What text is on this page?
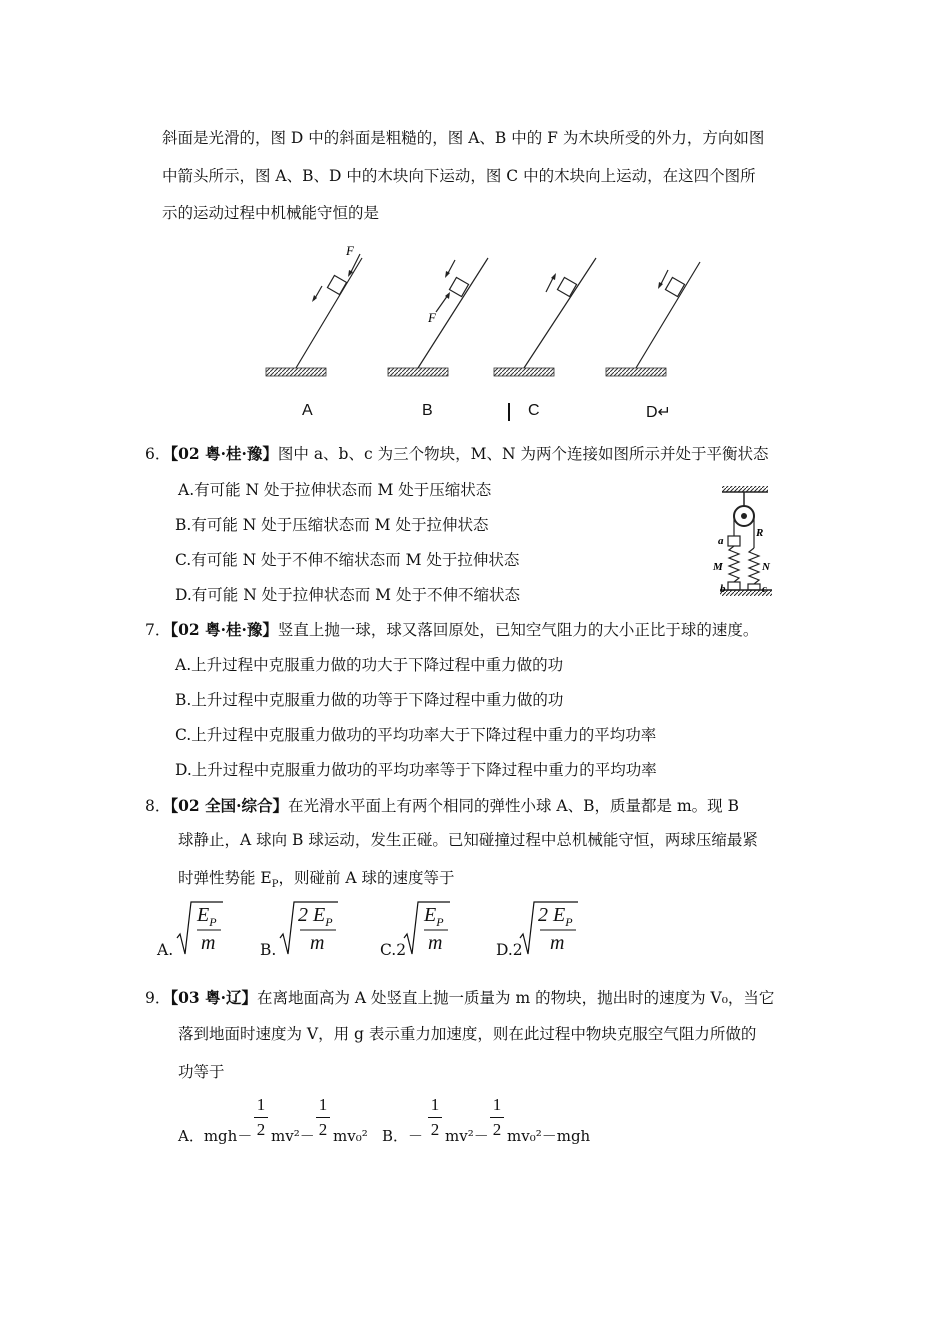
斜面是光滑的，图 D 中的斜面是粗糙的，图 A、B 中的 F 为木块所受的外力，方向如图
中箭头所示，图 A、B、D 中的木块向下运动，图 C 中的木块向上运动，在这四个图所
示的运动过程中机械能守恒的是
F
F
A	B	C	D↵
6．【02 粤·桂·豫】图中 a、b、c 为三个物块，M、N 为两个连接如图所示并处于平衡状态
A.有可能 N 处于拉伸状态而 M 处于压缩状态
B.有可能 N 处于压缩状态而 M 处于拉伸状态
C.有可能 N 处于不伸不缩状态而 M 处于拉伸状态
D.有可能 N 处于拉伸状态而 M 处于不伸不缩状态
a
R
M	N
b	c
7．【02 粤·桂·豫】竖直上抛一球，球又落回原处，已知空气阻力的大小正比于球的速度。
A.上升过程中克服重力做的功大于下降过程中重力做的功
B.上升过程中克服重力做的功等于下降过程中重力做的功
C.上升过程中克服重力做功的平均功率大于下降过程中重力的平均功率
D.上升过程中克服重力做功的平均功率等于下降过程中重力的平均功率
8．【02 全国·综合】在光滑水平面上有两个相同的弹性小球 A、B，质量都是 m。现 B
球静止，A 球向 B 球运动，发生正碰。已知碰撞过程中总机械能守恒，两球压缩最紧
时弹性势能 $E_P$，则碰前 A 球的速度等于
A.
$E_P$
m	B.
2 $E_P$
m	C.2
$E_P$
m	D.2
2 $E_P$
m
9．【03 粤·辽】在离地面高为 A 处竖直上抛一质量为 m 的物块，抛出时的速度为 V₀，当它
落到地面时速度为 V，用 g 表示重力加速度，则在此过程中物块克服空气阻力所做的
功等于
A．mgh－
1
2 mv²－
1
2 mv₀² B．－
1
2 mv²－
1
2 mv₀²－mgh
